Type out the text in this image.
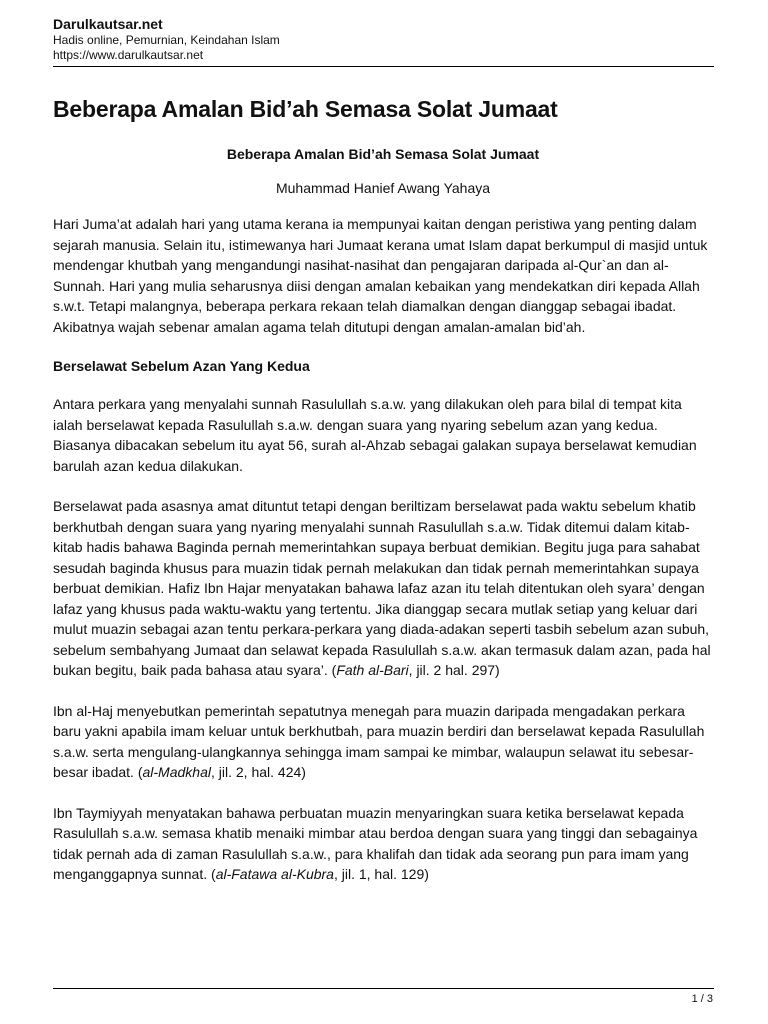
Darulkautsar.net
Hadis online, Pemurnian, Keindahan Islam
https://www.darulkautsar.net
Beberapa Amalan Bid’ah Semasa Solat Jumaat
Beberapa Amalan Bid’ah Semasa Solat Jumaat
Muhammad Hanief Awang Yahaya

Hari Juma’at adalah hari yang utama kerana ia mempunyai kaitan dengan peristiwa yang penting dalam sejarah manusia. Selain itu, istimewanya hari Jumaat kerana umat Islam dapat berkumpul di masjid untuk mendengar khutbah yang mengandungi nasihat-nasihat dan pengajaran daripada al-Qur`an dan al-Sunnah. Hari yang mulia seharusnya diisi dengan amalan kebaikan yang mendekatkan diri kepada Allah s.w.t. Tetapi malangnya, beberapa perkara rekaan telah diamalkan dengan dianggap sebagai ibadat. Akibatnya wajah sebenar amalan agama telah ditutupi dengan amalan-amalan bid’ah.

Berselawat Sebelum Azan Yang Kedua

Antara perkara yang menyalahi sunnah Rasulullah s.a.w. yang dilakukan oleh para bilal di tempat kita ialah berselawat kepada Rasulullah s.a.w. dengan suara yang nyaring sebelum azan yang kedua. Biasanya dibacakan sebelum itu ayat 56, surah al-Ahzab sebagai galakan supaya berselawat kemudian barulah azan kedua dilakukan.

Berselawat pada asasnya amat dituntut tetapi dengan beriltizam berselawat pada waktu sebelum khatib berkhutbah dengan suara yang nyaring menyalahi sunnah Rasulullah s.a.w. Tidak ditemui dalam kitab-kitab hadis bahawa Baginda pernah memerintahkan supaya berbuat demikian. Begitu juga para sahabat sesudah baginda khusus para muazin tidak pernah melakukan dan tidak pernah memerintahkan supaya berbuat demikian. Hafiz Ibn Hajar menyatakan bahawa lafaz azan itu telah ditentukan oleh syara’ dengan lafaz yang khusus pada waktu-waktu yang tertentu. Jika dianggap secara mutlak setiap yang keluar dari mulut muazin sebagai azan tentu perkara-perkara yang diada-adakan seperti tasbih sebelum azan subuh, sebelum sembahyang Jumaat dan selawat kepada Rasulullah s.a.w. akan termasuk dalam azan, pada hal bukan begitu, baik pada bahasa atau syara’. (Fath al-Bari, jil. 2 hal. 297)

Ibn al-Haj menyebutkan pemerintah sepatutnya menegah para muazin daripada mengadakan perkara baru yakni apabila imam keluar untuk berkhutbah, para muazin berdiri dan berselawat kepada Rasulullah s.a.w. serta mengulang-ulangkannya sehingga imam sampai ke mimbar, walaupun selawat itu sebesar-besar ibadat. (al-Madkhal, jil. 2, hal. 424)

Ibn Taymiyyah menyatakan bahawa perbuatan muazin menyaringkan suara ketika berselawat kepada Rasulullah s.a.w. semasa khatib menaiki mimbar atau berdoa dengan suara yang tinggi dan sebagainya tidak pernah ada di zaman Rasulullah s.a.w., para khalifah dan tidak ada seorang pun para imam yang menganggapnya sunnat. (al-Fatawa al-Kubra, jil. 1, hal. 129)

1 / 3
